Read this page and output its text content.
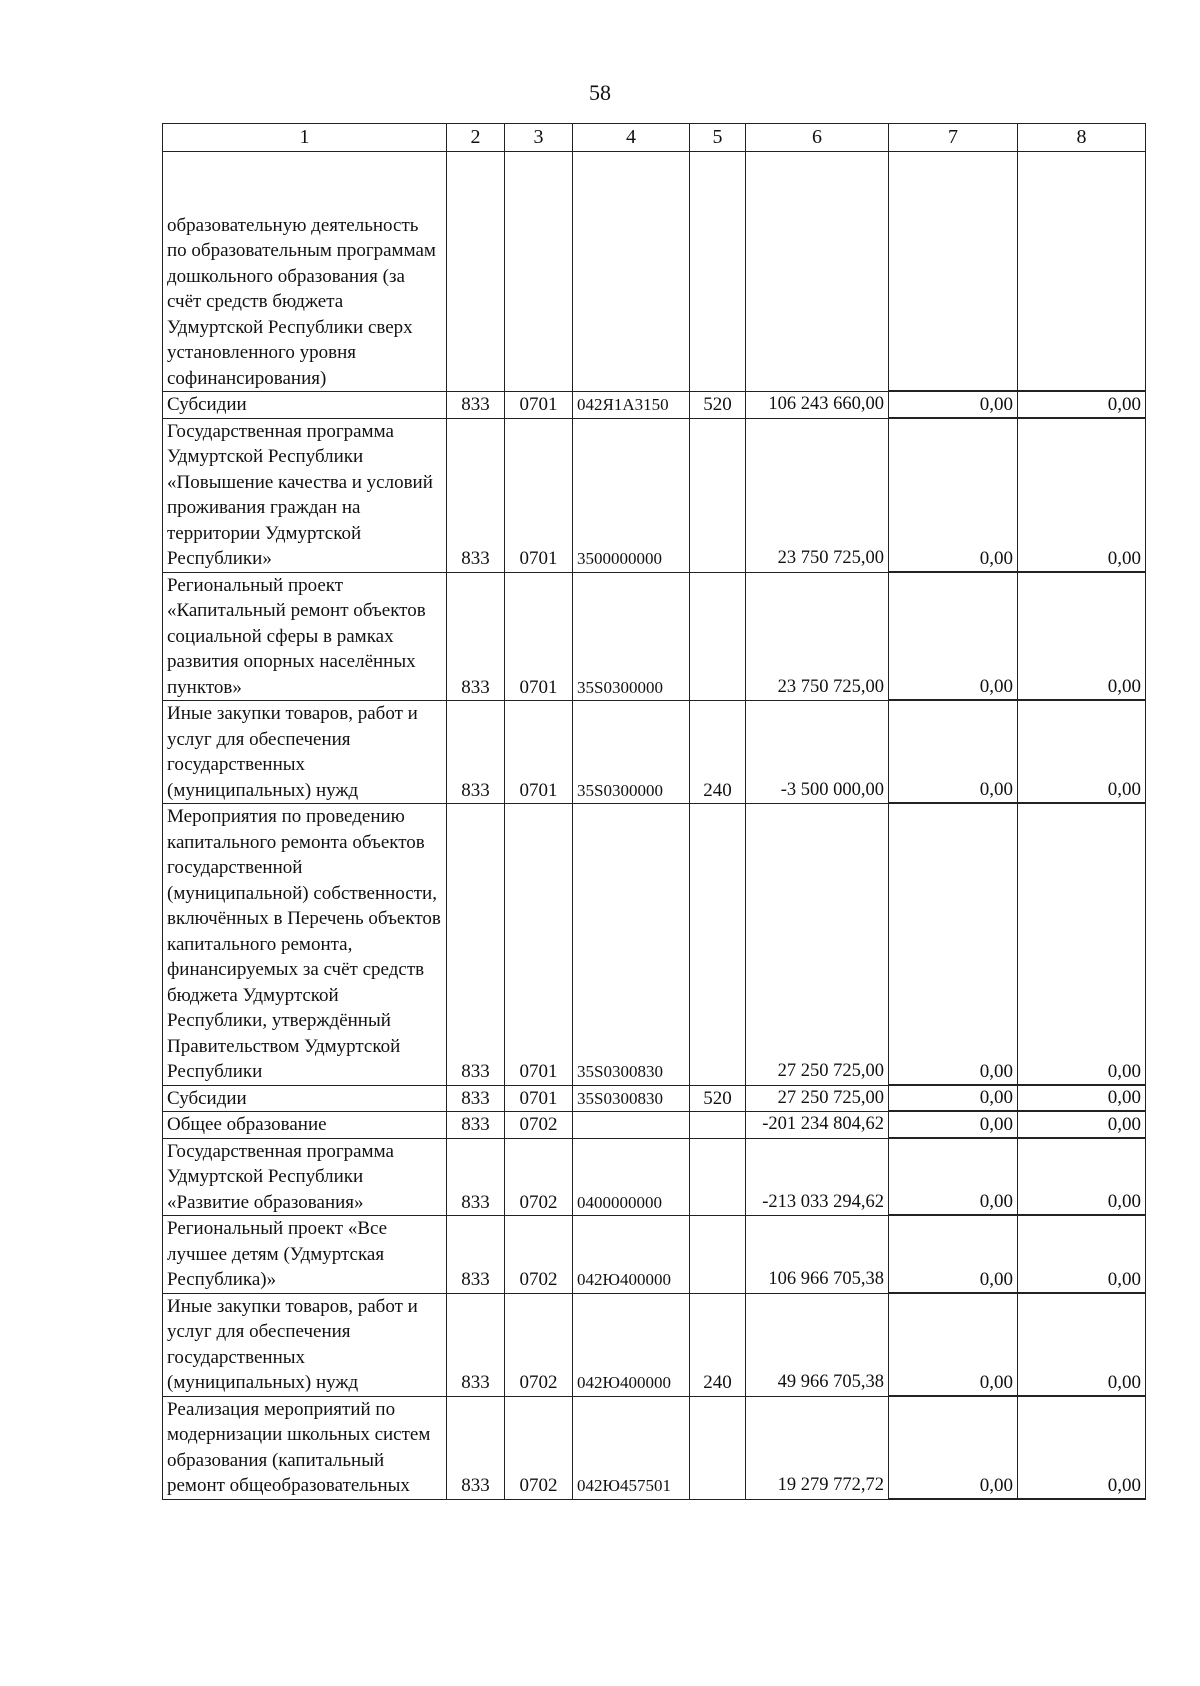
58
1	2	3	4	5	6	7	8
образовательную деятельность по образовательным программам дошкольного образования (за счёт средств бюджета Удмуртской Республики сверх установленного уровня софинансирования)						

Субсидии	833	0701	042Я1А3150	520	106 243 660,00	0,00	0,00

Государственная программа Удмуртской Республики «Повышение качества и условий проживания граждан на территории Удмуртской Республики»	833	0701	3500000000		23 750 725,00	0,00	0,00

Региональный проект «Капитальный ремонт объектов социальной сферы в рамках развития опорных населённых пунктов»	833	0701	35S0300000		23 750 725,00	0,00	0,00

Иные закупки товаров, работ и услуг для обеспечения государственных (муниципальных) нужд	833	0701	35S0300000	240	-3 500 000,00	0,00	0,00

Мероприятия по проведению капитального ремонта объектов государственной (муниципальной) собственности, включённых в Перечень объектов капитального ремонта, финансируемых за счёт средств бюджета Удмуртской Республики, утверждённый Правительством Удмуртской Республики	833	0701	35S0300830		27 250 725,00	0,00	0,00

Субсидии	833	0701	35S0300830	520	27 250 725,00	0,00	0,00

Общее образование	833	0702			-201 234 804,62	0,00	0,00

Государственная программа Удмуртской Республики «Развитие образования»	833	0702	0400000000		-213 033 294,62	0,00	0,00

Региональный проект «Все лучшее детям (Удмуртская Республика)»	833	0702	042Ю400000		106 966 705,38	0,00	0,00

Иные закупки товаров, работ и услуг для обеспечения государственных (муниципальных) нужд	833	0702	042Ю400000	240	49 966 705,38	0,00	0,00

Реализация мероприятий по модернизации школьных систем образования (капитальный ремонт общеобразовательных	833	0702	042Ю457501		19 279 772,72	0,00	0,00
